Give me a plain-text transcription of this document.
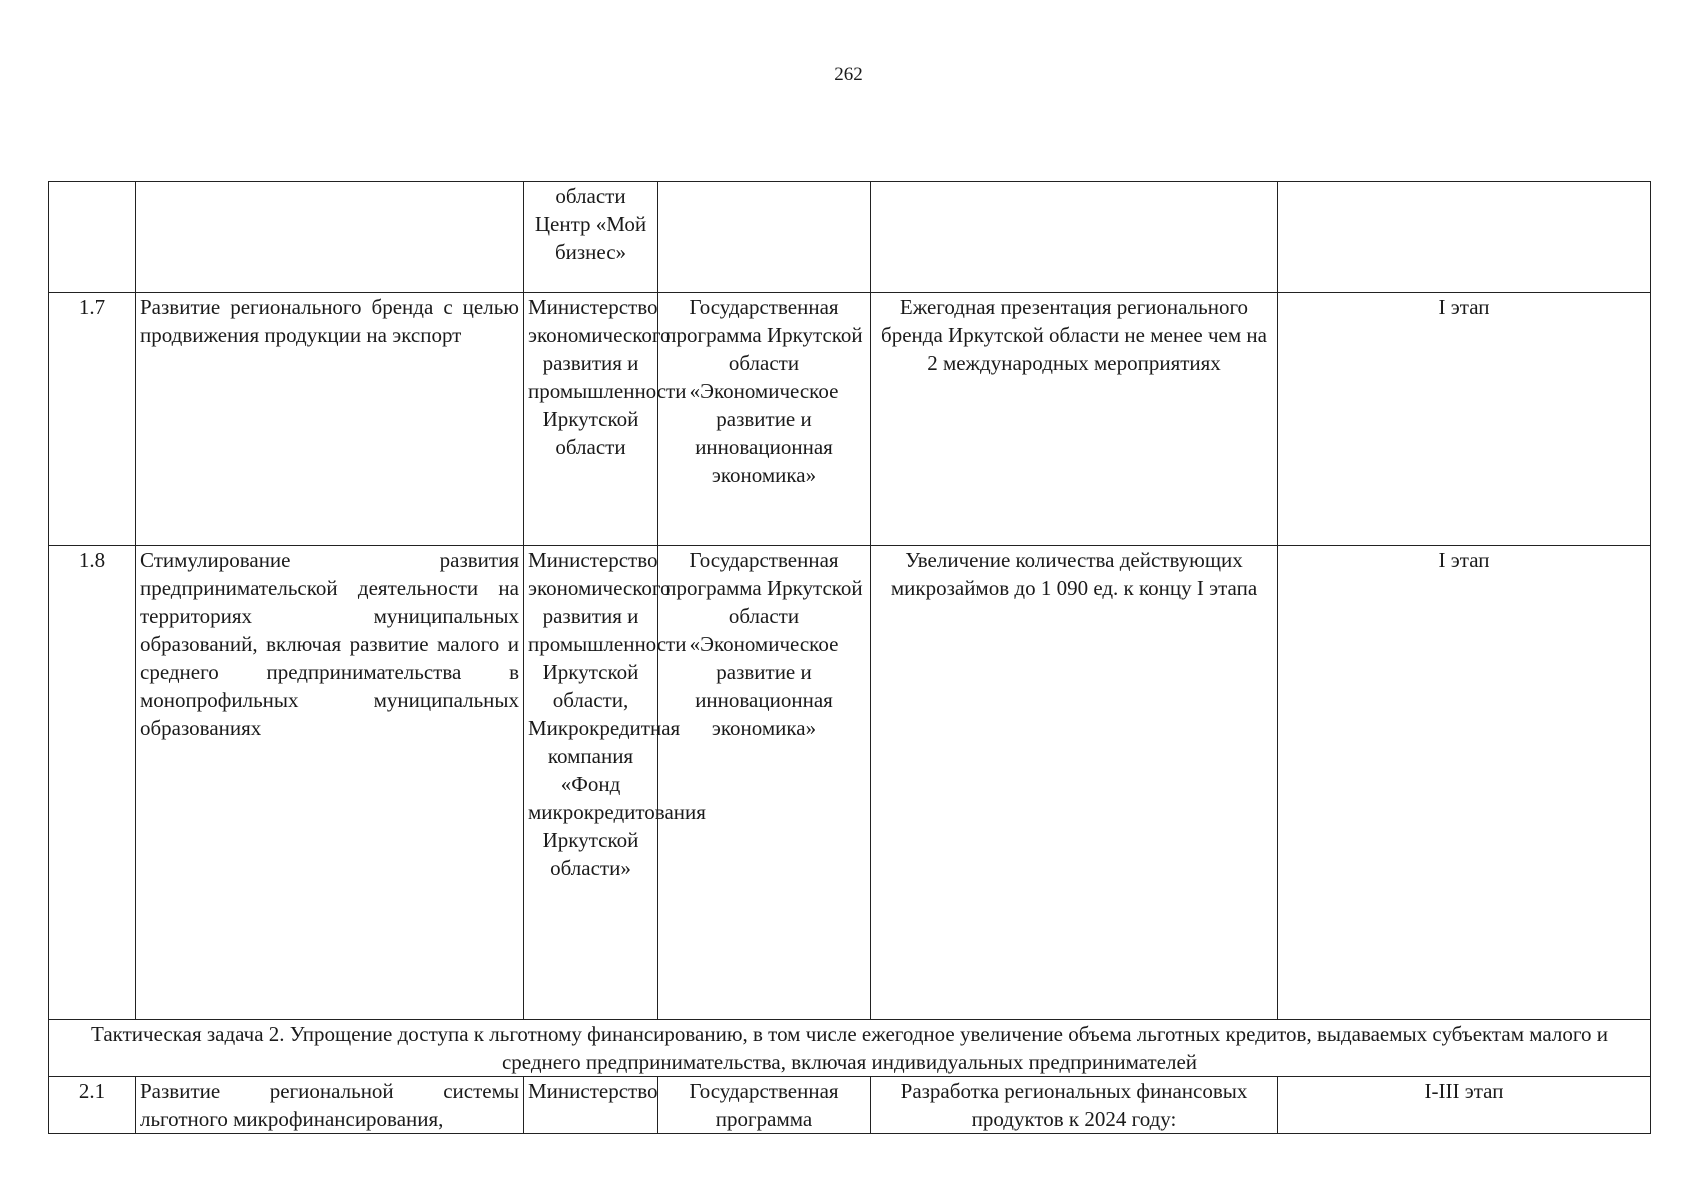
262
		области Центр «Мой бизнес»			
1.7	Развитие регионального бренда с целью продвижения продукции на экспорт	Министерство экономического развития и промышленности Иркутской области	Государственная программа Иркутской области «Экономическое развитие и инновационная экономика»	Ежегодная презентация регионального бренда Иркутской области не менее чем на 2 международных мероприятиях	I этап
1.8	Стимулирование развития предпринимательской деятельности на территориях муниципальных образований, включая развитие малого и среднего предпринимательства в монопрофильных муниципальных образованиях	Министерство экономического развития и промышленности Иркутской области, Микрокредитная компания «Фонд микрокредитования Иркутской области»	Государственная программа Иркутской области «Экономическое развитие и инновационная экономика»	Увеличение количества действующих микрозаймов до 1 090 ед. к концу I этапа	I этап
Тактическая задача 2. Упрощение доступа к льготному финансированию, в том числе ежегодное увеличение объема льготных кредитов, выдаваемых субъектам малого и среднего предпринимательства, включая индивидуальных предпринимателей					
2.1	Развитие региональной системы льготного микрофинансирования,	Министерство	Государственная программа	Разработка региональных финансовых продуктов к 2024 году:	I-III этап
